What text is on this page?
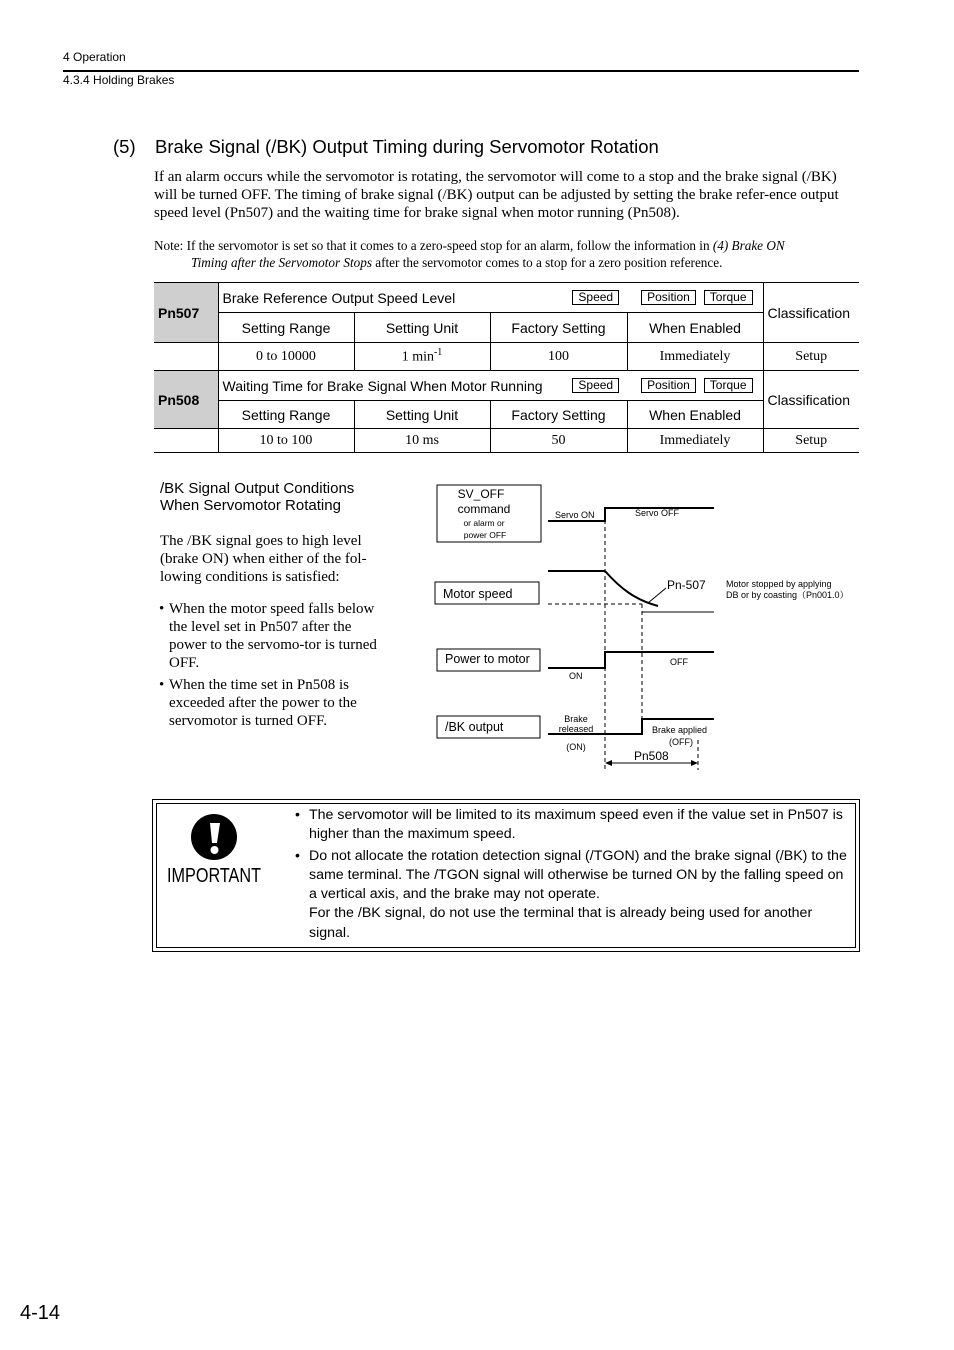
4 Operation
4.3.4 Holding Brakes
(5) Brake Signal (/BK) Output Timing during Servomotor Rotation
If an alarm occurs while the servomotor is rotating, the servomotor will come to a stop and the brake signal (/BK) will be turned OFF. The timing of brake signal (/BK) output can be adjusted by setting the brake refer-ence output speed level (Pn507) and the waiting time for brake signal when motor running (Pn508).
Note: If the servomotor is set so that it comes to a zero-speed stop for an alarm, follow the information in (4) Brake ON
Timing after the Servomotor Stops after the servomotor comes to a stop for a zero position reference.
Pn507	Brake Reference Output Speed Level Speed Position Torque				Classification
	Setting Range	Setting Unit	Factory Setting	When Enabled	
	0 to 10000	1 $\min^{-1}$	100	Immediately	Setup
Pn508	Waiting Time for Brake Signal When Motor Running Speed Position Torque				Classification
	Setting Range	Setting Unit	Factory Setting	When Enabled	
	10 to 100	10 ms	50	Immediately	Setup
/BK Signal Output Conditions
When Servomotor Rotating
The /BK signal goes to high level (brake ON) when either of the fol-lowing conditions is satisfied:
• When the motor speed falls below the level set in Pn507 after the power to the servomo-tor is turned OFF.
• When the time set in Pn508 is exceeded after the power to the servomotor is turned OFF.
SV_OFF
command
or alarm or
power OFF
Servo ON	Servo OFF
Motor speed
Pn-507 Motor stopped by applying
DB or by coasting（Pn001.0）
Power to motor
ON
OFF
/BK output
Brake
released
(ON)
Brake applied
(OFF)
Pn508
IMPORTANT
• The servomotor will be limited to its maximum speed even if the value set in Pn507 is higher than the maximum speed.
• Do not allocate the rotation detection signal (/TGON) and the brake signal (/BK) to the same terminal. The /TGON signal will otherwise be turned ON by the falling speed on a vertical axis, and the brake may not operate.
For the /BK signal, do not use the terminal that is already being used for another signal.
4-14
